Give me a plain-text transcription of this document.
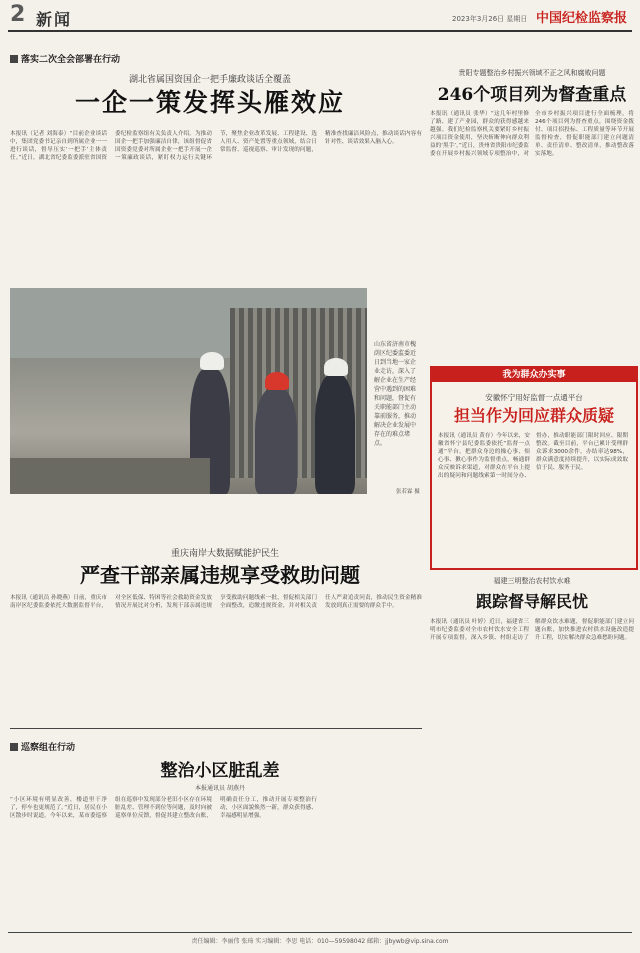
2 新闻	2023年3月26日 星期日 中国纪检监察报
落实二次全会部署在行动
湖北省属国资国企一把手廉政谈话全覆盖
一企一策发挥头雁效应
本报讯（记者 刘海泰）“目前企业谈话中，集团党委书记亲自到所属企业一一进行谈话，督导压实‘一把手’主体责任。”近日，湖北省纪委监委派驻省国资委纪检监察组有关负责人介绍。为推动国企一把手加强廉洁自律，该组督促省国资委党委对所属企业一把手开展一企一策廉政谈话，紧盯权力运行关键环节，聚焦企业改革发展、工程建设、选人用人、资产处置等重点领域，结合日常监督、巡视巡察、审计发现的问题，精准查找廉洁风险点，推动谈话内容有针对性、谈话效果入脑入心。
山东省济南市槐荫区纪委监委近日到当地一家企业走访，深入了解企业在生产经营中遇到的困难和问题，督促有关职能部门主动靠前服务，推动解决企业发展中存在的难点堵点。
张若霖 摄
贵阳专题整治乡村振兴领域不正之风和腐败问题
246个项目列为督查重点
本报讯（通讯员 张华）“这几年村里修了路、建了产业园，群众的获得感越来越强。我们纪检监察机关要紧盯乡村振兴项目资金使用，坚决斩断伸向群众利益的‘黑手’。”近日，贵州省贵阳市纪委监委在开展乡村振兴领域专项整治中，对全市乡村振兴项目进行全面梳理，将246个项目列为督查重点，围绕资金拨付、项目招投标、工程质量等环节开展监督检查，督促职能部门建立问题清单、责任清单、整改清单，推动整改落实落地。
我为群众办实事
安徽怀宁用好监督一点通平台
担当作为回应群众质疑
本报讯（通讯员 黄存）今年以来，安徽省怀宁县纪委监委依托“监督一点通”平台，把群众身边的操心事、烦心事、揪心事作为监督重点，畅通群众反映诉求渠道，对群众在平台上提出的疑问和问题线索第一时间分办、督办，推动职能部门限时回应、限期整改。截至目前，平台已累计受理群众诉求3000余件，办结率达98%，群众满意度持续提升，以实际成效取信于民、服务于民。
重庆南岸大数据赋能护民生
严查干部亲属违规享受救助问题
本报讯（通讯员 孙晓燕）日前，重庆市南岸区纪委监委依托大数据监督平台，对全区低保、特困等社会救助资金发放情况开展比对分析，发现干部亲属违规享受救助问题线索一批，督促相关部门全面整改，追缴违规资金，并对相关责任人严肃追责问责，推动民生资金精准发放到真正需要的群众手中。
福建三明整治农村饮水难
跟踪督导解民忧
本报讯（通讯员 叶婷）近日，福建省三明市纪委监委对全市农村饮水安全工程开展专项监督，深入乡镇、村组走访了解群众饮水难题，督促职能部门建立问题台账，加快推进农村供水设施改造提升工程，切实解决群众急难愁盼问题。
巡察组在行动
整治小区脏乱差
本报通讯员 胡燕丹
“小区环境有明显改善，楼道里干净了，停车也更规范了。”近日，居民在小区散步时说道。今年以来，某市委巡察组在巡察中发现部分老旧小区存在环境脏乱差、管理不到位等问题，及时向被巡察单位反馈，督促其建立整改台账，明确责任分工，推动开展专项整治行动，小区面貌焕然一新，群众获得感、幸福感明显增强。
责任编辑：李丽伟 张琦 实习编辑：李思 电话：010—59598042 邮箱：jjbywb@vip.sina.com
